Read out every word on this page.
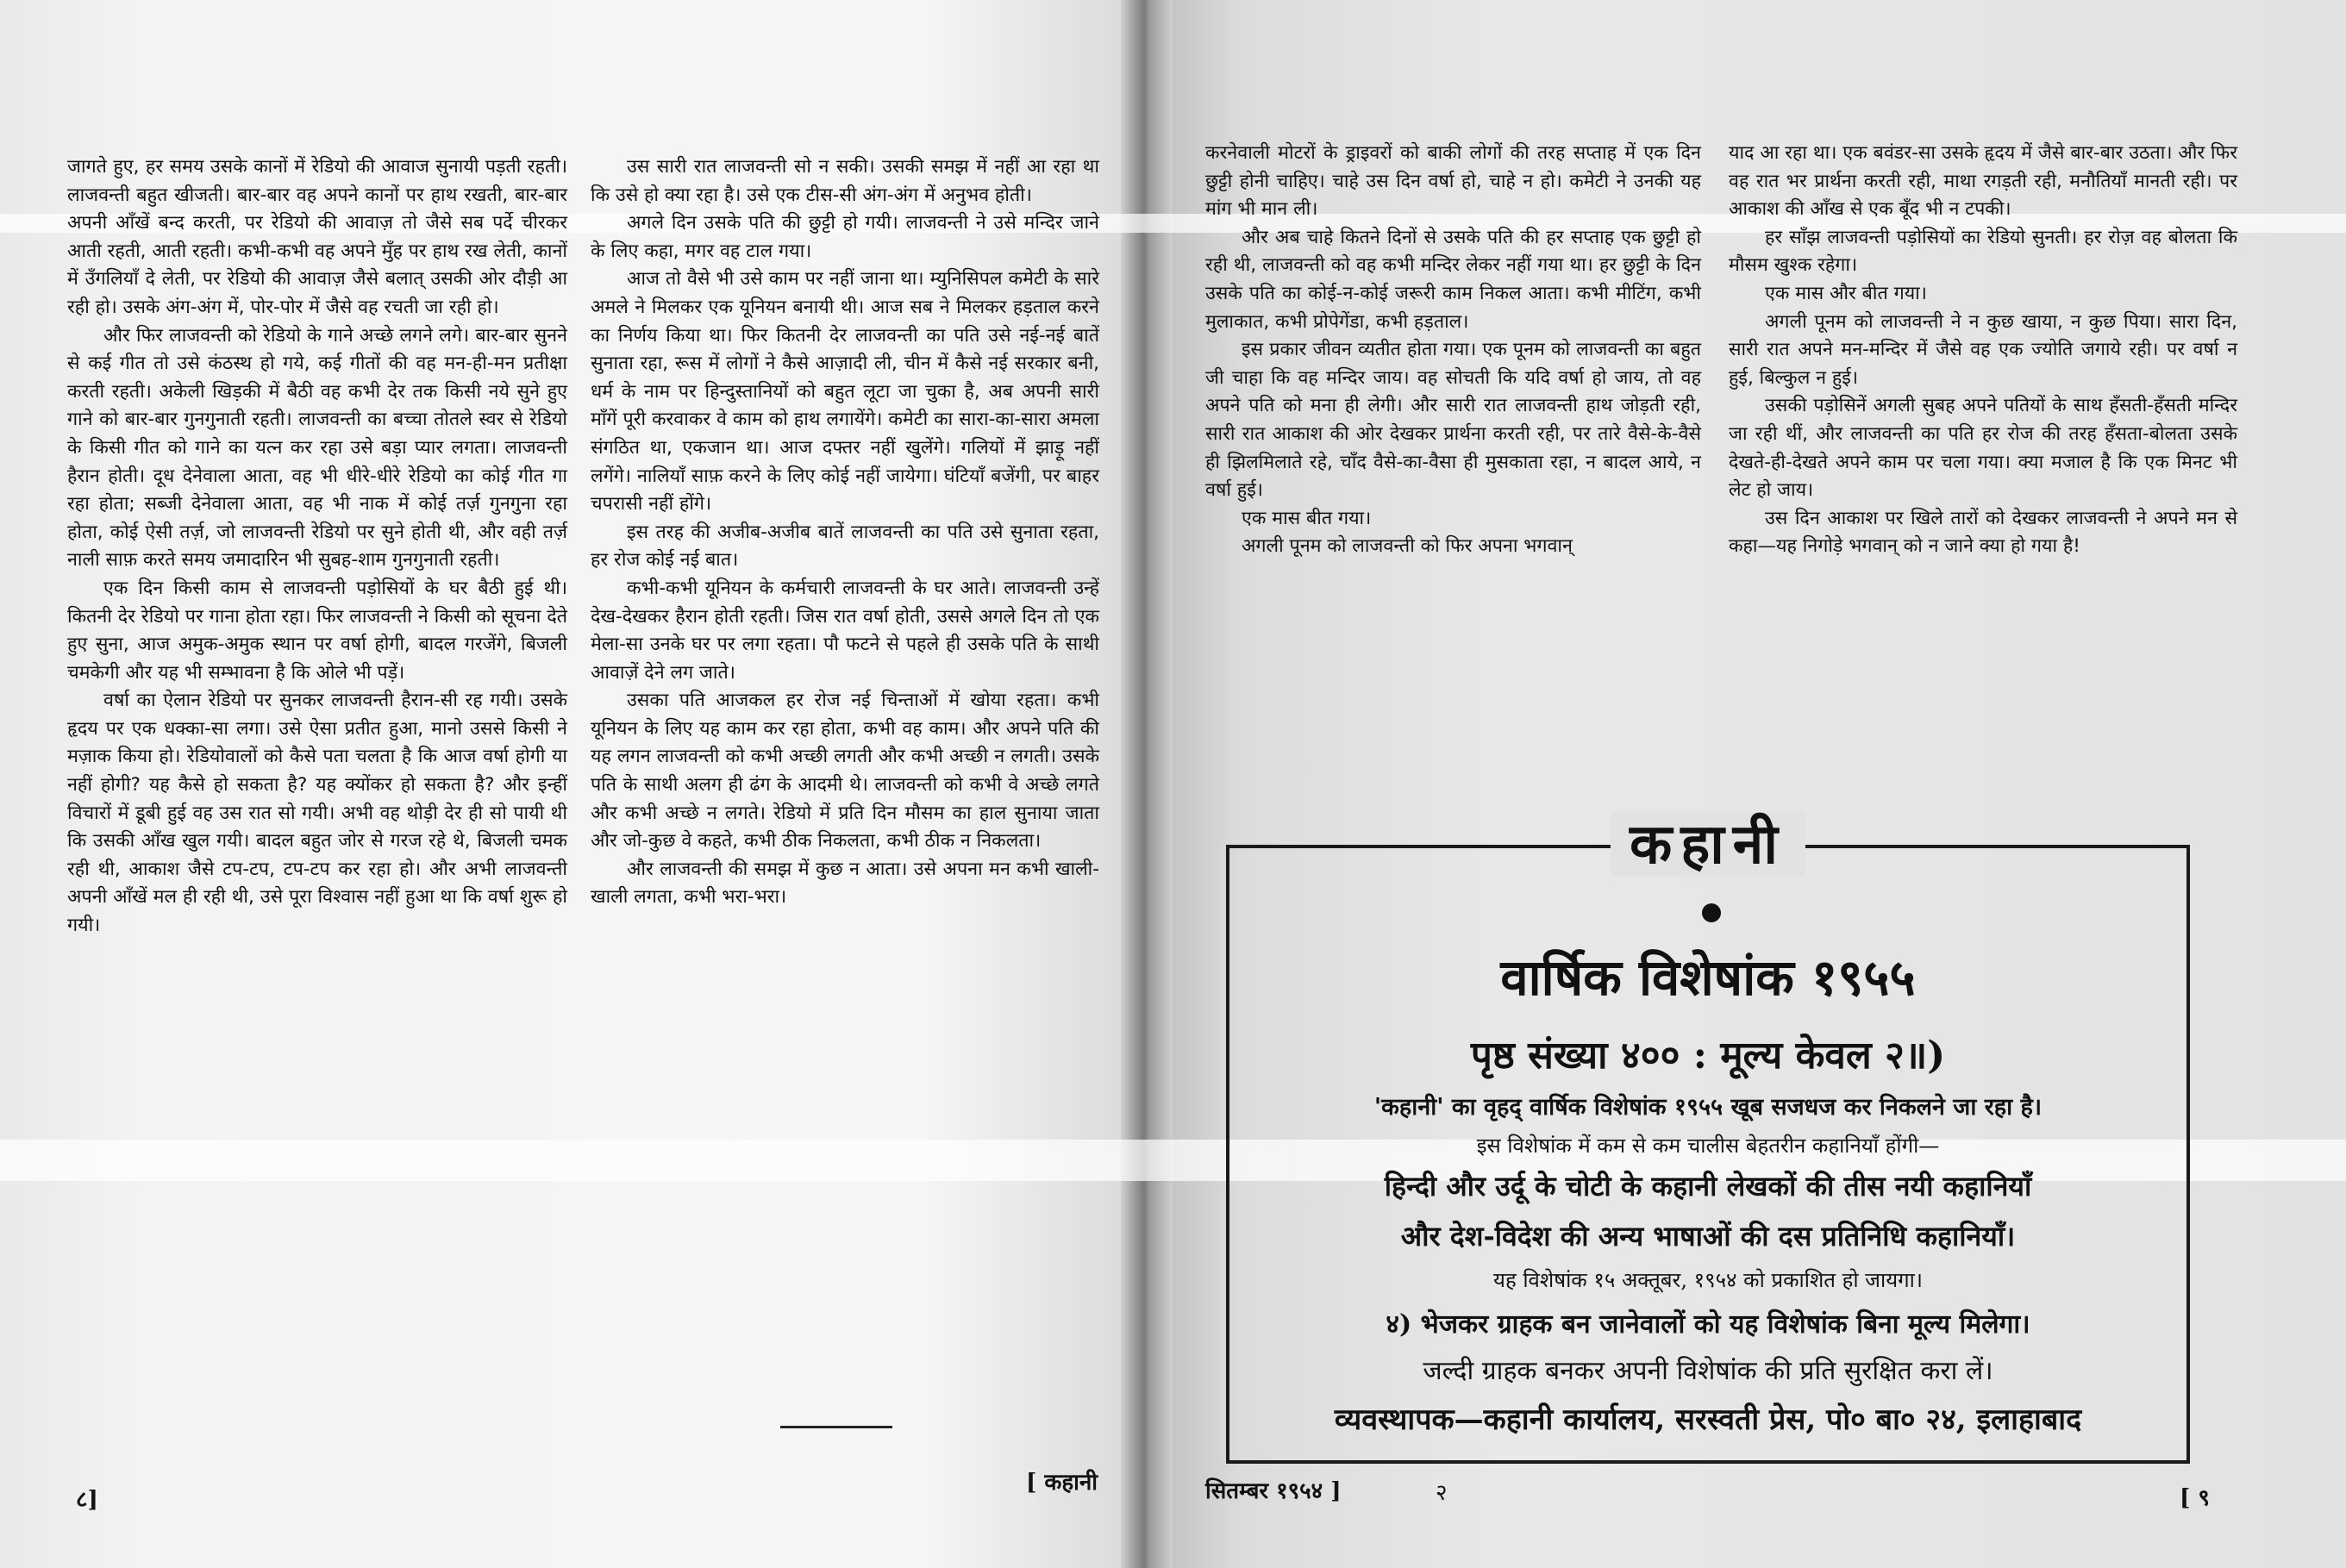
जागते हुए, हर समय उसके कानों में रेडियो की आवाज सुनायी पड़ती रहती। लाजवन्ती बहुत खीजती। बार-बार वह अपने कानों पर हाथ रखती, बार-बार अपनी आँखें बन्द करती, पर रेडियो की आवाज़ तो जैसे सब पर्दे चीरकर आती रहती, आती रहती। कभी-कभी वह अपने मुँह पर हाथ रख लेती, कानों में उँगलियाँ दे लेती, पर रेडियो की आवाज़ जैसे बलात् उसकी ओर दौड़ी आ रही हो। उसके अंग-अंग में, पोर-पोर में जैसे वह रचती जा रही हो।

और फिर लाजवन्ती को रेडियो के गाने अच्छे लगने लगे। बार-बार सुनने से कई गीत तो उसे कंठस्थ हो गये, कई गीतों की वह मन-ही-मन प्रतीक्षा करती रहती। अकेली खिड़की में बैठी वह कभी देर तक किसी नये सुने हुए गाने को बार-बार गुनगुनाती रहती। लाजवन्ती का बच्चा तोतले स्वर से रेडियो के किसी गीत को गाने का यत्न कर रहा उसे बड़ा प्यार लगता। लाजवन्ती हैरान होती। दूध देनेवाला आता, वह भी धीरे-धीरे रेडियो का कोई गीत गा रहा होता; सब्जी देनेवाला आता, वह भी नाक में कोई तर्ज़ गुनगुना रहा होता, कोई ऐसी तर्ज़, जो लाजवन्ती रेडियो पर सुने होती थी, और वही तर्ज़ नाली साफ़ करते समय जमादारिन भी सुबह-शाम गुनगुनाती रहती।

एक दिन किसी काम से लाजवन्ती पड़ोसियों के घर बैठी हुई थी। कितनी देर रेडियो पर गाना होता रहा। फिर लाजवन्ती ने किसी को सूचना देते हुए सुना, आज अमुक-अमुक स्थान पर वर्षा होगी, बादल गरजेंगे, बिजली चमकेगी और यह भी सम्भावना है कि ओले भी पड़ें।

वर्षा का ऐलान रेडियो पर सुनकर लाजवन्ती हैरान-सी रह गयी। उसके हृदय पर एक धक्का-सा लगा। उसे ऐसा प्रतीत हुआ, मानो उससे किसी ने मज़ाक किया हो। रेडियोवालों को कैसे पता चलता है कि आज वर्षा होगी या नहीं होगी? यह कैसे हो सकता है? यह क्योंकर हो सकता है? और इन्हीं विचारों में डूबी हुई वह उस रात सो गयी। अभी वह थोड़ी देर ही सो पायी थी कि उसकी आँख खुल गयी। बादल बहुत जोर से गरज रहे थे, बिजली चमक रही थी, आकाश जैसे टप-टप, टप-टप कर रहा हो। और अभी लाजवन्ती अपनी आँखें मल ही रही थी, उसे पूरा विश्वास नहीं हुआ था कि वर्षा शुरू हो गयी।

उस सारी रात लाजवन्ती सो न सकी। उसकी समझ में नहीं आ रहा था कि उसे हो क्या रहा है। उसे एक टीस-सी अंग-अंग में अनुभव होती।

अगले दिन उसके पति की छुट्टी हो गयी। लाजवन्ती ने उसे मन्दिर जाने के लिए कहा, मगर वह टाल गया।

आज तो वैसे भी उसे काम पर नहीं जाना था। म्युनिसिपल कमेटी के सारे अमले ने मिलकर एक यूनियन बनायी थी। आज सब ने मिलकर हड़ताल करने का निर्णय किया था। फिर कितनी देर लाजवन्ती का पति उसे नई-नई बातें सुनाता रहा, रूस में लोगों ने कैसे आज़ादी ली, चीन में कैसे नई सरकार बनी, धर्म के नाम पर हिन्दुस्तानियों को बहुत लूटा जा चुका है, अब अपनी सारी माँगें पूरी करवाकर वे काम को हाथ लगायेंगे। कमेटी का सारा-का-सारा अमला संगठित था, एकजान था। आज दफ्तर नहीं खुलेंगे। गलियों में झाड़ू नहीं लगेंगे। नालियाँ साफ़ करने के लिए कोई नहीं जायेगा। घंटियाँ बजेंगी, पर बाहर चपरासी नहीं होंगे।

इस तरह की अजीब-अजीब बातें लाजवन्ती का पति उसे सुनाता रहता, हर रोज कोई नई बात।

कभी-कभी यूनियन के कर्मचारी लाजवन्ती के घर आते। लाजवन्ती उन्हें देख-देखकर हैरान होती रहती। जिस रात वर्षा होती, उससे अगले दिन तो एक मेला-सा उनके घर पर लगा रहता। पौ फटने से पहले ही उसके पति के साथी आवाज़ें देने लग जाते।

उसका पति आजकल हर रोज नई चिन्ताओं में खोया रहता। कभी यूनियन के लिए यह काम कर रहा होता, कभी वह काम। और अपने पति की यह लगन लाजवन्ती को कभी अच्छी लगती और कभी अच्छी न लगती। उसके पति के साथी अलग ही ढंग के आदमी थे। लाजवन्ती को कभी वे अच्छे लगते और कभी अच्छे न लगते। रेडियो में प्रति दिन मौसम का हाल सुनाया जाता और जो-कुछ वे कहते, कभी ठीक निकलता, कभी ठीक न निकलता।

और लाजवन्ती की समझ में कुछ न आता। उसे अपना मन कभी खाली-खाली लगता, कभी भरा-भरा।

८]
[ कहानी

करनेवाली मोटरों के ड्राइवरों को बाकी लोगों की तरह सप्ताह में एक दिन छुट्टी होनी चाहिए। चाहे उस दिन वर्षा हो, चाहे न हो। कमेटी ने उनकी यह मांग भी मान ली।

और अब चाहे कितने दिनों से उसके पति की हर सप्ताह एक छुट्टी हो रही थी, लाजवन्ती को वह कभी मन्दिर लेकर नहीं गया था। हर छुट्टी के दिन उसके पति का कोई-न-कोई जरूरी काम निकल आता। कभी मीटिंग, कभी मुलाकात, कभी प्रोपेगेंडा, कभी हड़ताल।

इस प्रकार जीवन व्यतीत होता गया। एक पूनम को लाजवन्ती का बहुत जी चाहा कि वह मन्दिर जाय। वह सोचती कि यदि वर्षा हो जाय, तो वह अपने पति को मना ही लेगी। और सारी रात लाजवन्ती हाथ जोड़ती रही, सारी रात आकाश की ओर देखकर प्रार्थना करती रही, पर तारे वैसे-के-वैसे ही झिलमिलाते रहे, चाँद वैसे-का-वैसा ही मुसकाता रहा, न बादल आये, न वर्षा हुई।

एक मास बीत गया।

अगली पूनम को लाजवन्ती को फिर अपना भगवान्

याद आ रहा था। एक बवंडर-सा उसके हृदय में जैसे बार-बार उठता। और फिर वह रात भर प्रार्थना करती रही, माथा रगड़ती रही, मनौतियाँ मानती रही। पर आकाश की आँख से एक बूँद भी न टपकी।

हर साँझ लाजवन्ती पड़ोसियों का रेडियो सुनती। हर रोज़ वह बोलता कि मौसम खुश्क रहेगा।

एक मास और बीत गया।

अगली पूनम को लाजवन्ती ने न कुछ खाया, न कुछ पिया। सारा दिन, सारी रात अपने मन-मन्दिर में जैसे वह एक ज्योति जगाये रही। पर वर्षा न हुई, बिल्कुल न हुई।

उसकी पड़ोसिनें अगली सुबह अपने पतियों के साथ हँसती-हँसती मन्दिर जा रही थीं, और लाजवन्ती का पति हर रोज की तरह हँसता-बोलता उसके देखते-ही-देखते अपने काम पर चला गया। क्या मजाल है कि एक मिनट भी लेट हो जाय।

उस दिन आकाश पर खिले तारों को देखकर लाजवन्ती ने अपने मन से कहा—यह निगोड़े भगवान् को न जाने क्या हो गया है!

कहानी
वार्षिक विशेषांक १९५५
पृष्ठ संख्या ४०० : मूल्य केवल २॥)
'कहानी' का वृहद् वार्षिक विशेषांक १९५५ खूब सजधज कर निकलने जा रहा है।
इस विशेषांक में कम से कम चालीस बेहतरीन कहानियाँ होंगी—
हिन्दी और उर्दू के चोटी के कहानी लेखकों की तीस नयी कहानियाँ
और देश-विदेश की अन्य भाषाओं की दस प्रतिनिधि कहानियाँ।
यह विशेषांक १५ अक्तूबर, १९५४ को प्रकाशित हो जायगा।
४) भेजकर ग्राहक बन जानेवालों को यह विशेषांक बिना मूल्य मिलेगा।
जल्दी ग्राहक बनकर अपनी विशेषांक की प्रति सुरक्षित करा लें।
व्यवस्थापक—कहानी कार्यालय, सरस्वती प्रेस, पो० बा० २४, इलाहाबाद
सितम्बर १९५४ ]	२	[ ९
